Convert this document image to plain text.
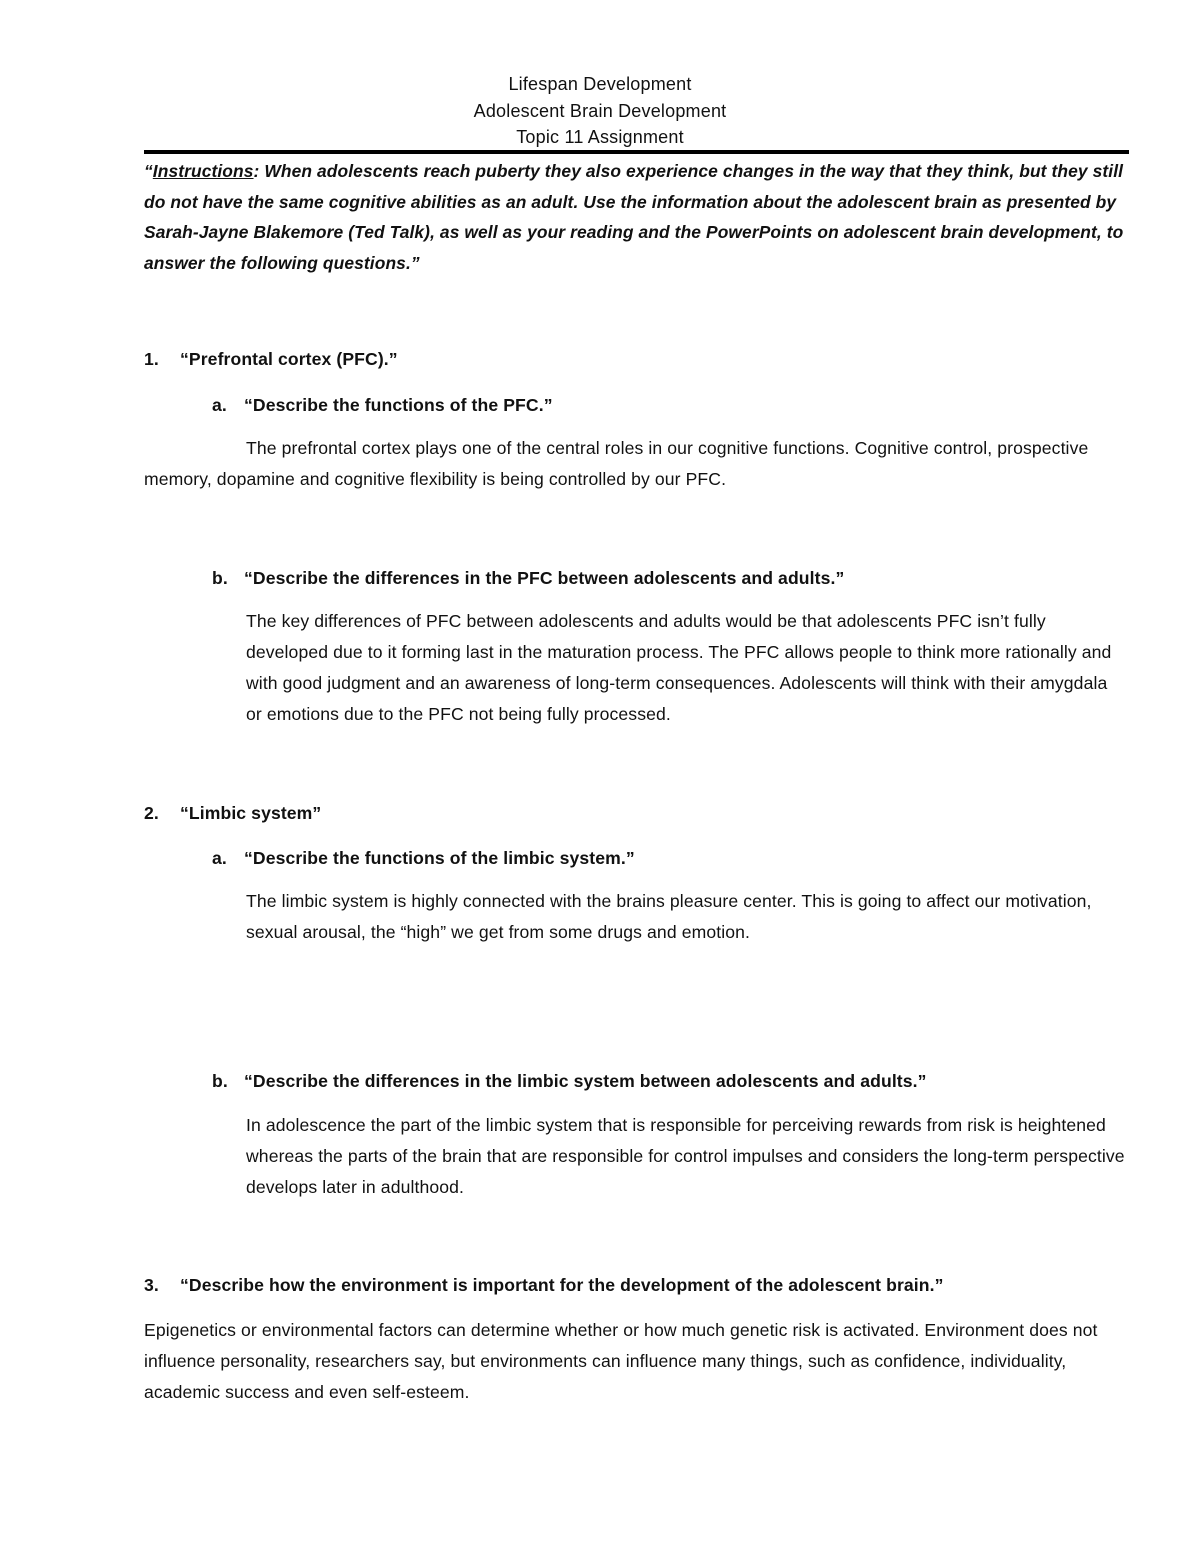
Lifespan Development
Adolescent Brain Development
Topic 11 Assignment
“Instructions: When adolescents reach puberty they also experience changes in the way that they think, but they still do not have the same cognitive abilities as an adult. Use the information about the adolescent brain as presented by Sarah-Jayne Blakemore (Ted Talk), as well as your reading and the PowerPoints on adolescent brain development, to answer the following questions.”
1. “Prefrontal cortex (PFC).”
a. “Describe the functions of the PFC.”
The prefrontal cortex plays one of the central roles in our cognitive functions. Cognitive control, prospective memory, dopamine and cognitive flexibility is being controlled by our PFC.
b. “Describe the differences in the PFC between adolescents and adults.”
The key differences of PFC between adolescents and adults would be that adolescents PFC isn’t fully developed due to it forming last in the maturation process. The PFC allows people to think more rationally and with good judgment and an awareness of long-term consequences. Adolescents will think with their amygdala or emotions due to the PFC not being fully processed.
2. “Limbic system”
a. “Describe the functions of the limbic system.”
The limbic system is highly connected with the brains pleasure center. This is going to affect our motivation, sexual arousal, the “high” we get from some drugs and emotion.
b. “Describe the differences in the limbic system between adolescents and adults.”
In adolescence the part of the limbic system that is responsible for perceiving rewards from risk is heightened whereas the parts of the brain that are responsible for control impulses and considers the long-term perspective develops later in adulthood.
3. “Describe how the environment is important for the development of the adolescent brain.”
Epigenetics or environmental factors can determine whether or how much genetic risk is activated. Environment does not influence personality, researchers say, but environments can influence many things, such as confidence, individuality, academic success and even self-esteem.
